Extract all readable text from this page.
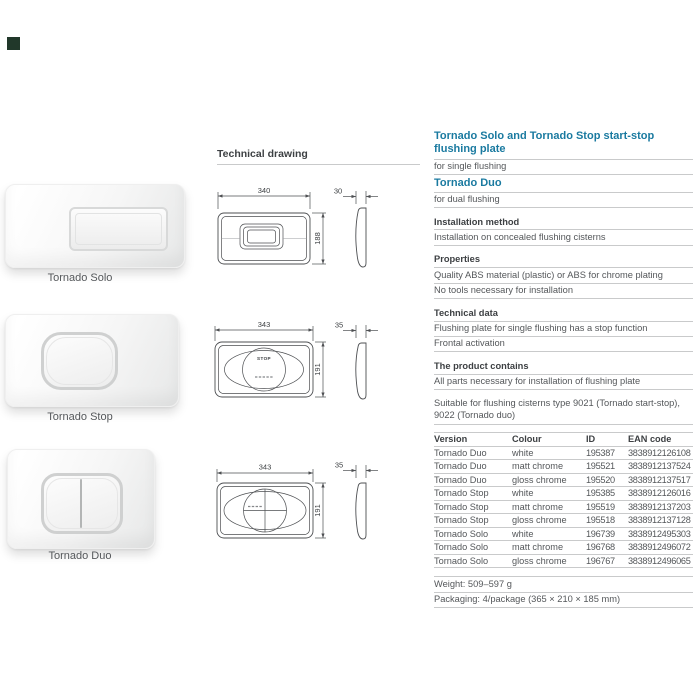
Tornado Solo
Tornado Stop
Tornado Duo
Technical drawing
340
188
30
343
STOP
191
35
343
191
35
Tornado Solo and Tornado Stop start-stop flushing plate
for single flushing
Tornado Duo
for dual flushing
Installation method
Installation on concealed flushing cisterns
Properties
Quality ABS material (plastic) or ABS for chrome plating
No tools necessary for installation
Technical data
Flushing plate for single flushing has a stop function
Frontal activation
The product contains
All parts necessary for installation of flushing plate
Suitable for flushing cisterns type 9021 (Tornado start-stop), 9022 (Tornado duo)
Version	Colour	ID	EAN code
Tornado Duo	white	195387	3838912126108
Tornado Duo	matt chrome	195521	3838912137524
Tornado Duo	gloss chrome	195520	3838912137517
Tornado Stop	white	195385	3838912126016
Tornado Stop	matt chrome	195519	3838912137203
Tornado Stop	gloss chrome	195518	3838912137128
Tornado Solo	white	196739	3838912495303
Tornado Solo	matt chrome	196768	3838912496072
Tornado Solo	gloss chrome	196767	3838912496065
Weight: 509–597 g
Packaging: 4/package (365 × 210 × 185 mm)
